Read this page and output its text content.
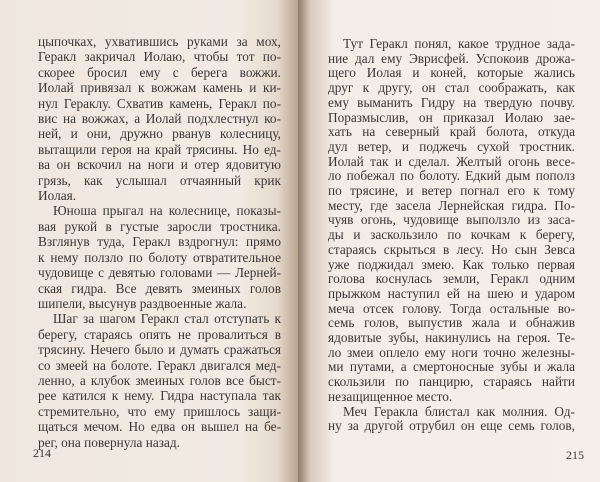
цыпочках, ухватившись руками за мох,
Геракл закричал Иолаю, чтобы тот по-
скорее бросил ему с берега вожжи.
Иолай привязал к вожжам камень и ки-
нул Гераклу. Схватив камень, Геракл по-
вис на вожжах, а Иолай подхлестнул ко-
ней, и они, дружно рванув колесницу,
вытащили героя на край трясины. Но ед-
ва он вскочил на ноги и отер ядовитую
грязь, как услышал отчаянный крик
Иолая.
Юноша прыгал на колеснице, показы-
вая рукой в густые заросли тростника.
Взглянув туда, Геракл вздрогнул: прямо
к нему ползло по болоту отвратительное
чудовище с девятью головами — Лерней-
ская гидра. Все девять змеиных голов
шипели, высунув раздвоенные жала.
Шаг за шагом Геракл стал отступать к
берегу, стараясь опять не провалиться в
трясину. Нечего было и думать сражаться
со змеей на болоте. Геракл двигался мед-
ленно, а клубок змеиных голов все быст-
рее катился к нему. Гидра наступала так
стремительно, что ему пришлось защи-
щаться мечом. Но едва он вышел на бе-
рег, она повернула назад.
214
Тут Геракл понял, какое трудное зада-
ние дал ему Эврисфей. Успокоив дрожа-
щего Иолая и коней, которые жались
друг к другу, он стал соображать, как
ему выманить Гидру на твердую почву.
Поразмыслив, он приказал Иолаю зае-
хать на северный край болота, откуда
дул ветер, и поджечь сухой тростник.
Иолай так и сделал. Желтый огонь весе-
ло побежал по болоту. Едкий дым пополз
по трясине, и ветер погнал его к тому
месту, где засела Лернейская гидра. По-
чуяв огонь, чудовище выползло из заса-
ды и заскользило по кочкам к берегу,
стараясь скрыться в лесу. Но сын Зевса
уже поджидал змею. Как только первая
голова коснулась земли, Геракл одним
прыжком наступил ей на шею и ударом
меча отсек голову. Тогда остальные во-
семь голов, выпустив жала и обнажив
ядовитые зубы, накинулись на героя. Те-
ло змеи оплело ему ноги точно железны-
ми путами, а смертоносные зубы и жала
скользили по панцирю, стараясь найти
незащищенное место.
Меч Геракла блистал как молния. Од-
ну за другой отрубил он еще семь голов,
215
